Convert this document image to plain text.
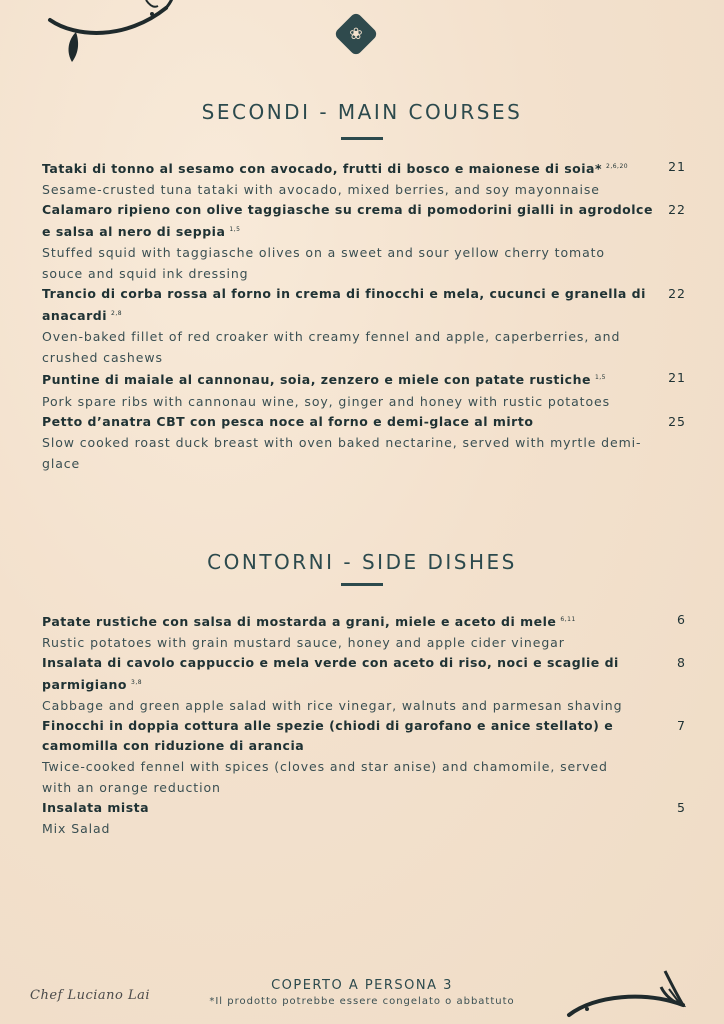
❀
SECONDI - MAIN COURSES
Tataki di tonno al sesamo con avocado, frutti di bosco e maionese di soia* $^{2,6,20}$
Sesame-crusted tuna tataki with avocado, mixed berries, and soy mayonnaise
21
Calamaro ripieno con olive taggiasche su crema di pomodorini gialli in agrodolce e salsa al nero di seppia $^{1,5}$
Stuffed squid with taggiasche olives on a sweet and sour yellow cherry tomato souce and squid ink dressing
22
Trancio di corba rossa al forno in crema di finocchi e mela, cucunci e granella di anacardi $^{2,8}$
Oven-baked fillet of red croaker with creamy fennel and apple, caperberries, and crushed cashews
22
Puntine di maiale al cannonau, soia, zenzero e miele con patate rustiche $^{1,5}$
Pork spare ribs with cannonau wine, soy, ginger and honey with rustic potatoes
21
Petto d’anatra CBT con pesca noce al forno e demi-glace al mirto
Slow cooked roast duck breast with oven baked nectarine, served with myrtle demi-glace
25
CONTORNI - SIDE DISHES
Patate rustiche con salsa di mostarda a grani, miele e aceto di mele $^{6,11}$
Rustic potatoes with grain mustard sauce, honey and apple cider vinegar
6
Insalata di cavolo cappuccio e mela verde con aceto di riso, noci e scaglie di parmigiano $^{3,8}$
Cabbage and green apple salad with rice vinegar, walnuts and parmesan shaving
8
Finocchi in doppia cottura alle spezie (chiodi di garofano e anice stellato) e camomilla con riduzione di arancia
Twice-cooked fennel with spices (cloves and star anise) and chamomile, served with an orange reduction
7
Insalata mista
Mix Salad
5
Chef Luciano Lai
COPERTO A PERSONA 3
*Il prodotto potrebbe essere congelato o abbattuto
